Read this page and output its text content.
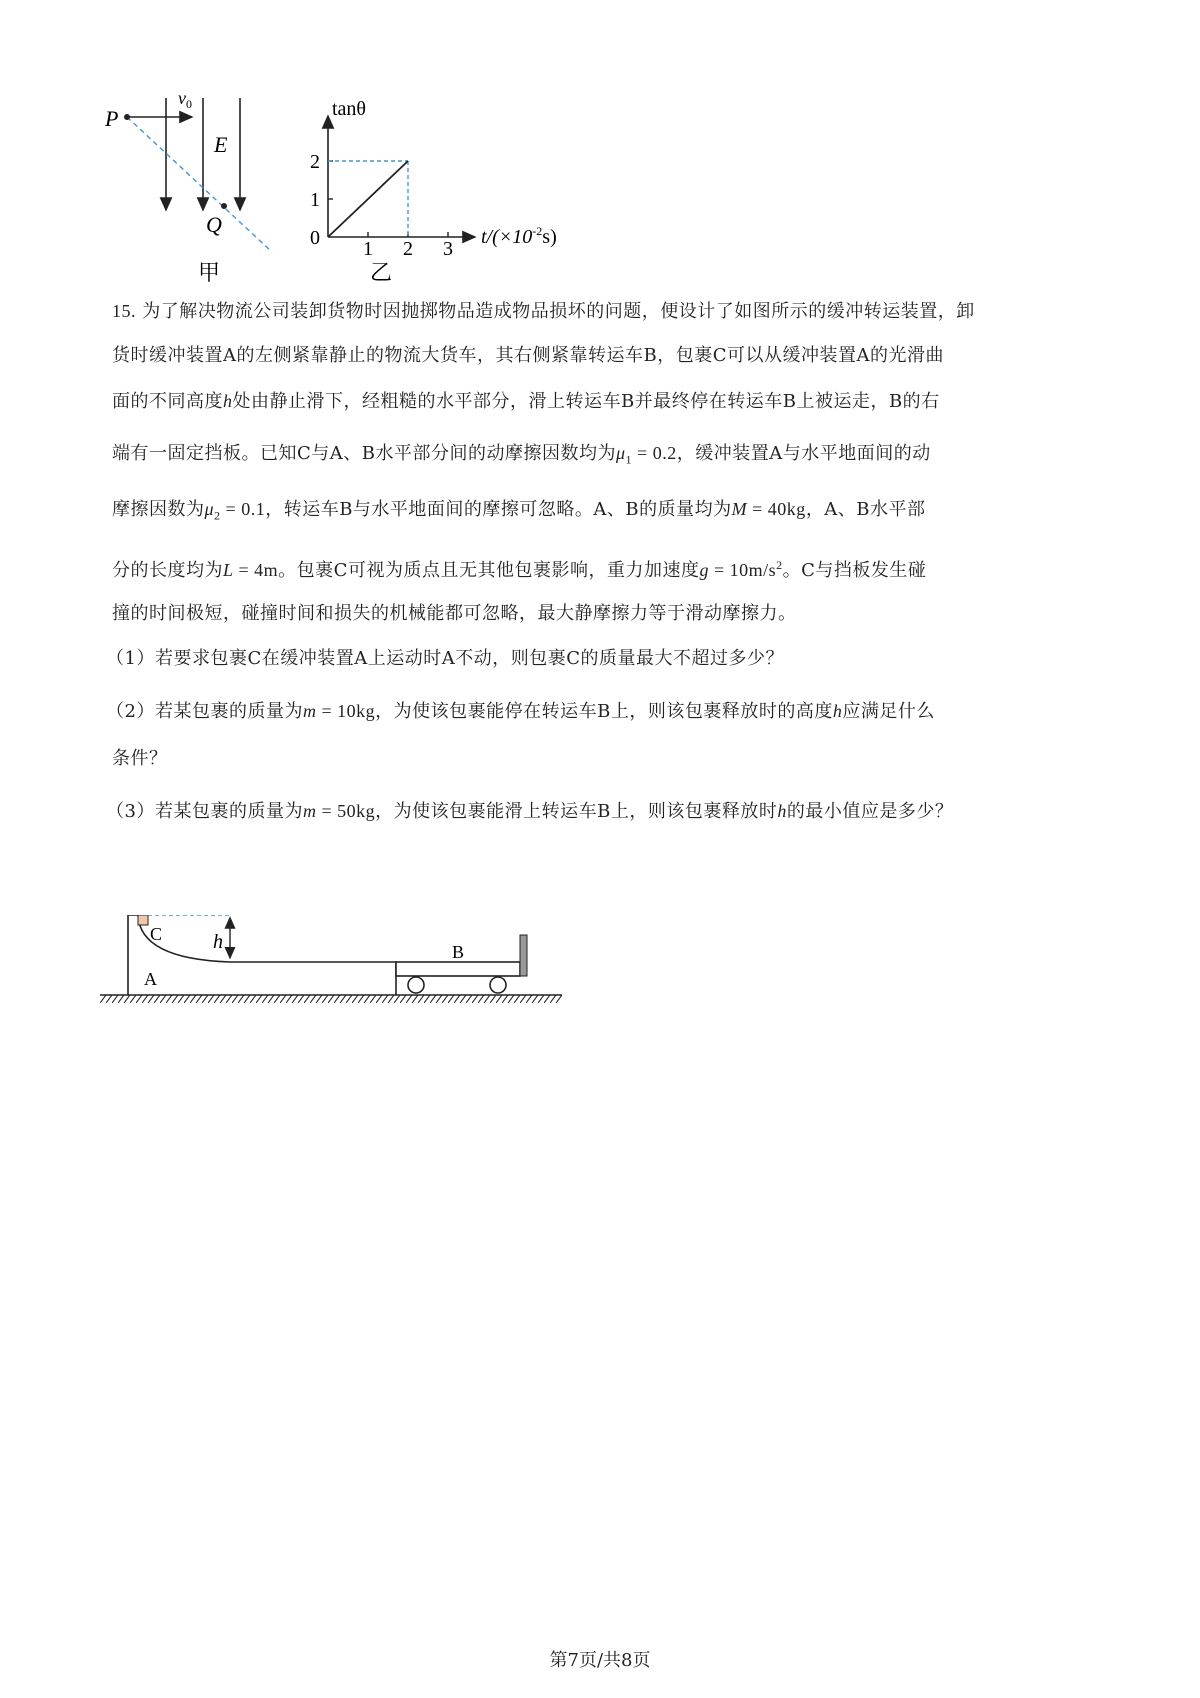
P
$v_0$
E
Q
甲
tanθ
$t/(\times 10^{-2}s)$
0
乙
1 2 3
1
2
15. 为了解决物流公司装卸货物时因抛掷物品造成物品损坏的问题，便设计了如图所示的缓冲转运装置，卸
货时缓冲装置A的左侧紧靠静止的物流大货车，其右侧紧靠转运车B，包裹C可以从缓冲装置A的光滑曲
面的不同高度h处由静止滑下，经粗糙的水平部分，滑上转运车B并最终停在转运车B上被运走，B的右
端有一固定挡板。已知C与A、B水平部分间的动摩擦因数均为$\mu_1 = 0.2$，缓冲装置A与水平地面间的动
摩擦因数为$\mu_2 = 0.1$，转运车B与水平地面间的摩擦可忽略。A、B的质量均为M = 40kg，A、B水平部
分的长度均为L = 4m。包裹C可视为质点且无其他包裹影响，重力加速度$g = 10m/s^2$。C与挡板发生碰
撞的时间极短，碰撞时间和损失的机械能都可忽略，最大静摩擦力等于滑动摩擦力。
（1）若要求包裹C在缓冲装置A上运动时A不动，则包裹C的质量最大不超过多少？
（2）若某包裹的质量为m = 10kg，为使该包裹能停在转运车B上，则该包裹释放时的高度h应满足什么
条件？
（3）若某包裹的质量为m = 50kg，为使该包裹能滑上转运车B上，则该包裹释放时h的最小值应是多少？
C	h
A
B
第7页/共8页
